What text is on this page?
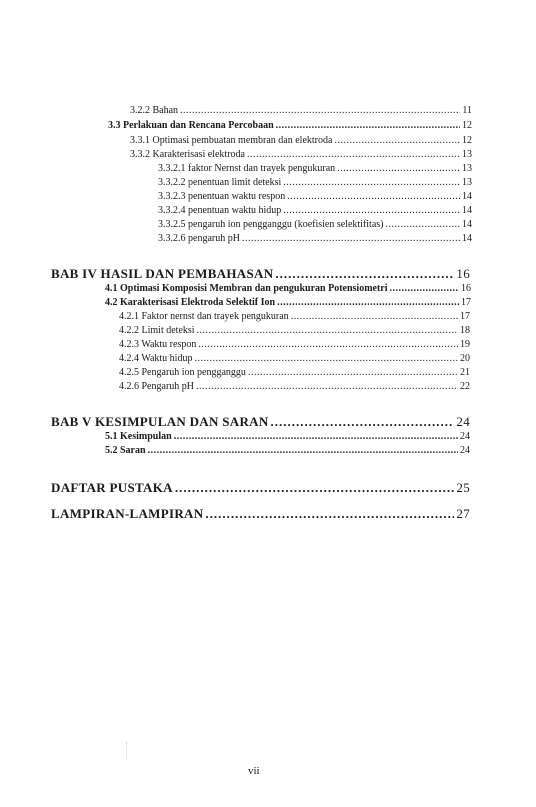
3.2.2 Bahan .....	11
3.3 Perlakuan dan Rencana Percobaan .....	12
3.3.1 Optimasi pembuatan membran dan elektroda .....	12
3.3.2 Karakterisasi elektroda .....	13
3.3.2.1 faktor Nernst dan trayek pengukuran .....	13
3.3.2.2 penentuan limit deteksi .....	13
3.3.2.3 penentuan waktu respon .....	14
3.3.2.4 penentuan waktu hidup .....	14
3.3.2.5 pengaruh ion pengganggu (koefisien selektifitas) .....	14
3.3.2.6 pengaruh pH .....	14
BAB IV HASIL DAN PEMBAHASAN .....	16
4.1 Optimasi Komposisi Membran dan pengukuran Potensiometri .....	16
4.2 Karakterisasi Elektroda Selektif Ion .....	17
4.2.1 Faktor nernst dan trayek pengukuran .....	17
4.2.2 Limit deteksi .....	18
4.2.3 Waktu respon .....	19
4.2.4 Waktu hidup .....	20
4.2.5 Pengaruh ion pengganggu .....	21
4.2.6 Pengaruh pH .....	22
BAB V KESIMPULAN DAN SARAN .....	24
5.1 Kesimpulan .....	24
5.2 Saran .....	24
DAFTAR PUSTAKA .....	25
LAMPIRAN-LAMPIRAN .....	27
vii
